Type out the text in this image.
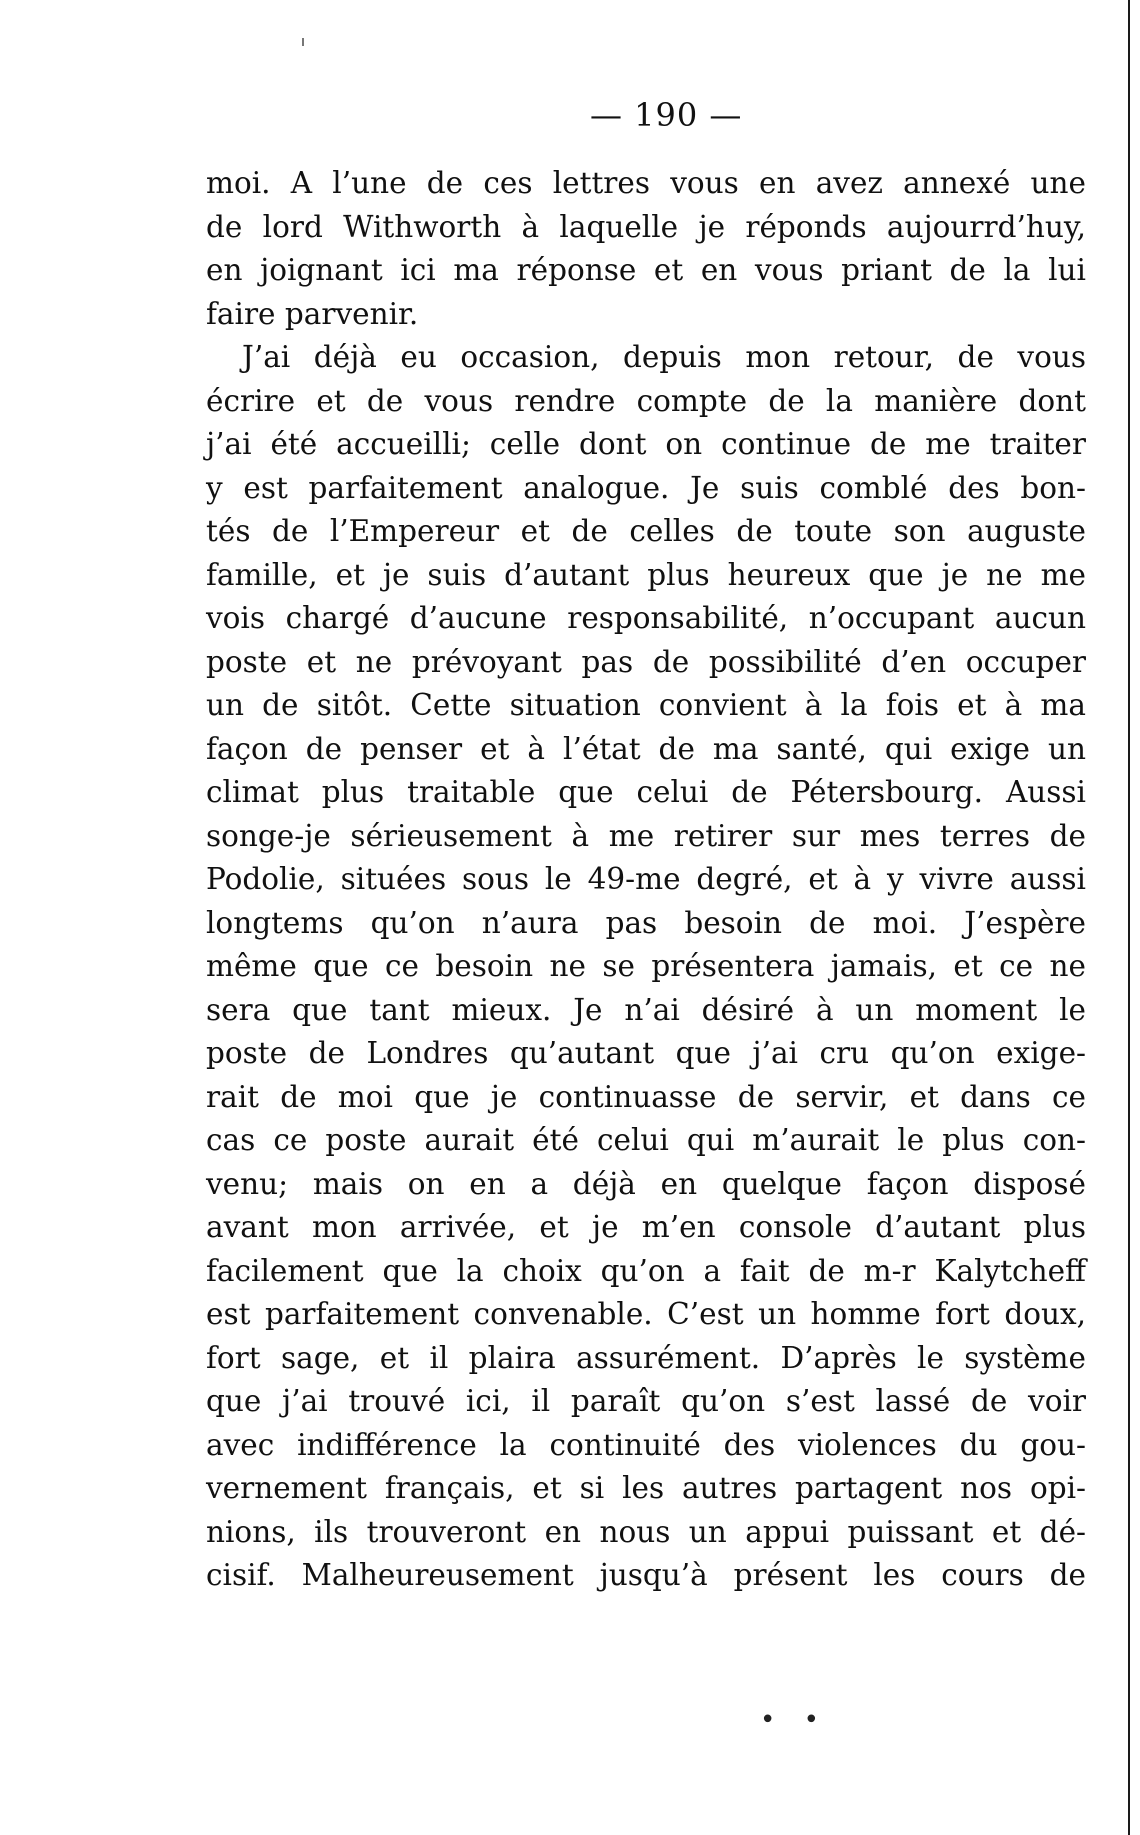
— 190 —
moi. A l’une de ces lettres vous en avez annexé une
de lord Withworth à laquelle je réponds aujourrd’huy,
en joignant ici ma réponse et en vous priant de la lui
faire parvenir.
J’ai déjà eu occasion, depuis mon retour, de vous
écrire et de vous rendre compte de la manière dont
j’ai été accueilli; celle dont on continue de me traiter
y est parfaitement analogue. Je suis comblé des bon-
tés de l’Empereur et de celles de toute son auguste
famille, et je suis d’autant plus heureux que je ne me
vois chargé d’aucune responsabilité, n’occupant aucun
poste et ne prévoyant pas de possibilité d’en occuper
un de sitôt. Cette situation convient à la fois et à ma
façon de penser et à l’état de ma santé, qui exige un
climat plus traitable que celui de Pétersbourg. Aussi
songe-je sérieusement à me retirer sur mes terres de
Podolie, situées sous le 49-me degré, et à y vivre aussi
longtems qu’on n’aura pas besoin de moi. J’espère
même que ce besoin ne se présentera jamais, et ce ne
sera que tant mieux. Je n’ai désiré à un moment le
poste de Londres qu’autant que j’ai cru qu’on exige-
rait de moi que je continuasse de servir, et dans ce
cas ce poste aurait été celui qui m’aurait le plus con-
venu; mais on en a déjà en quelque façon disposé
avant mon arrivée, et je m’en console d’autant plus
facilement que la choix qu’on a fait de m-r Kalytcheff
est parfaitement convenable. C’est un homme fort doux,
fort sage, et il plaira assurément. D’après le système
que j’ai trouvé ici, il paraît qu’on s’est lassé de voir
avec indifférence la continuité des violences du gou-
vernement français, et si les autres partagent nos opi-
nions, ils trouveront en nous un appui puissant et dé-
cisif. Malheureusement jusqu’à présent les cours de
• •
